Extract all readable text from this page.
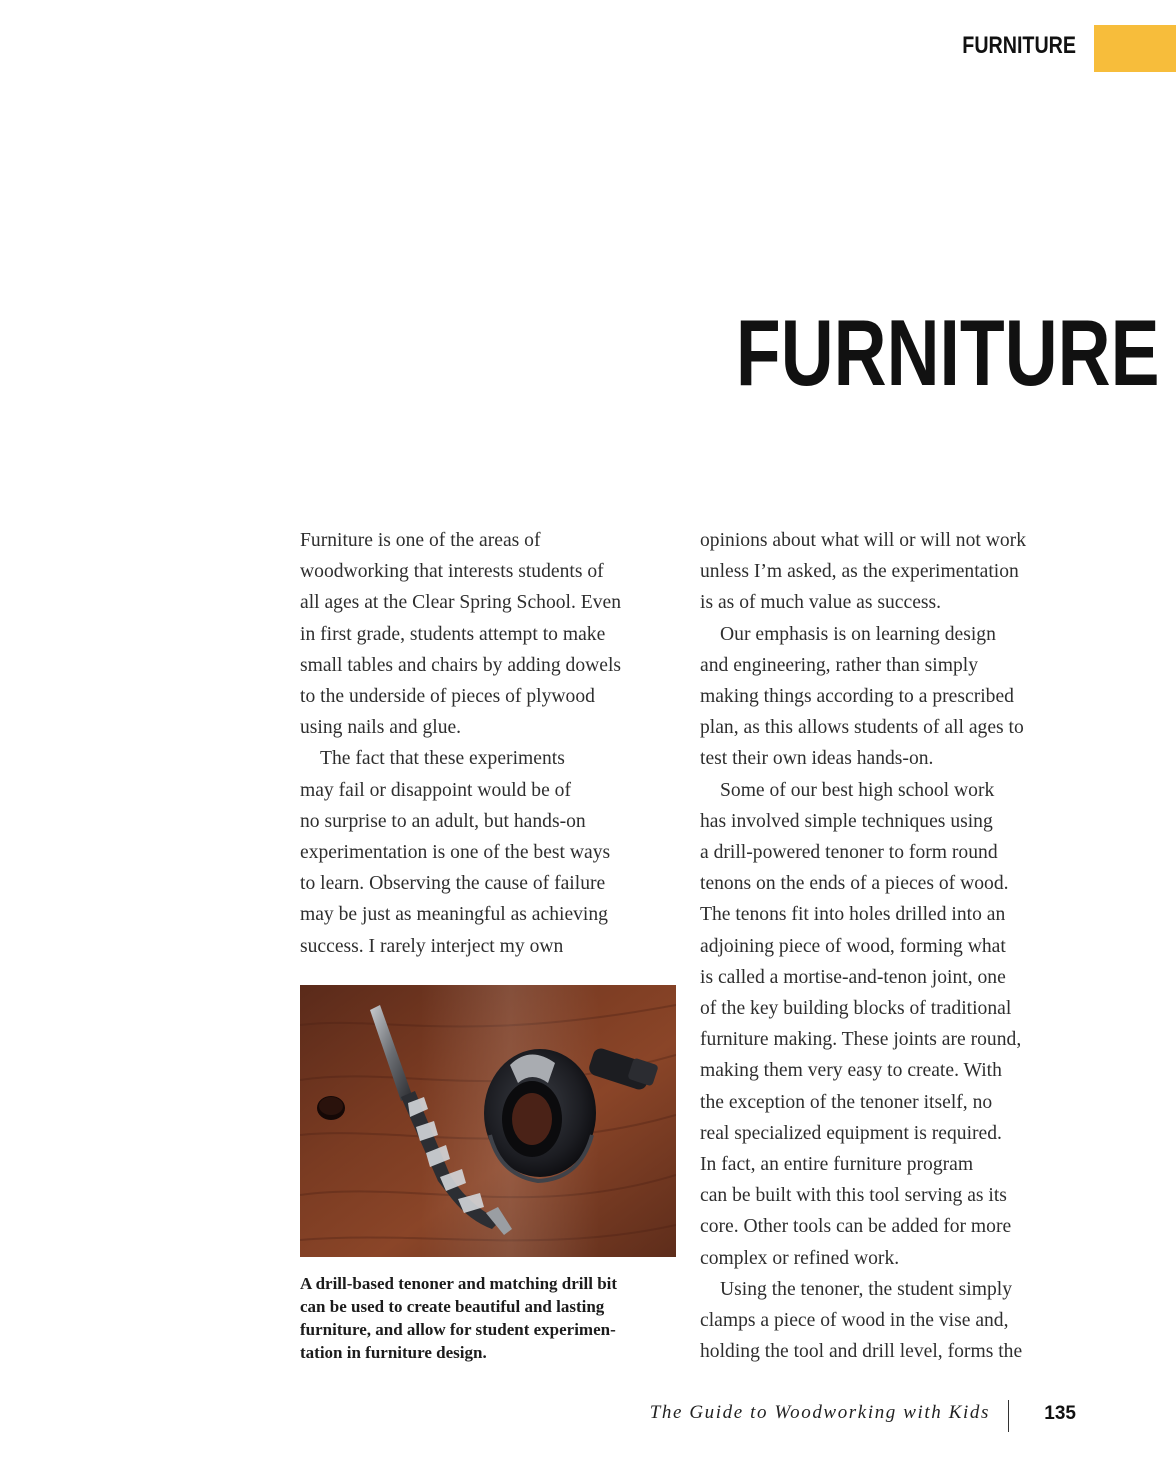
FURNITURE
FURNITURE

Furniture is one of the areas of
woodworking that interests students of
all ages at the Clear Spring School. Even
in first grade, students attempt to make
small tables and chairs by adding dowels
to the underside of pieces of plywood
using nails and glue.

The fact that these experiments
may fail or disappoint would be of
no surprise to an adult, but hands-on
experimentation is one of the best ways
to learn. Observing the cause of failure
may be just as meaningful as achieving
success. I rarely interject my own

opinions about what will or will not work
unless I’m asked, as the experimentation
is as of much value as success.

Our emphasis is on learning design
and engineering, rather than simply
making things according to a prescribed
plan, as this allows students of all ages to
test their own ideas hands-on.

Some of our best high school work
has involved simple techniques using
a drill-powered tenoner to form round
tenons on the ends of a pieces of wood.
The tenons fit into holes drilled into an
adjoining piece of wood, forming what
is called a mortise-and-tenon joint, one
of the key building blocks of traditional
furniture making. These joints are round,
making them very easy to create. With
the exception of the tenoner itself, no
real specialized equipment is required.
In fact, an entire furniture program
can be built with this tool serving as its
core. Other tools can be added for more
complex or refined work.

Using the tenoner, the student simply
clamps a piece of wood in the vise and,
holding the tool and drill level, forms the

A drill-based tenoner and matching drill bit
can be used to create beautiful and lasting
furniture, and allow for student experimen-
tation in furniture design.
The Guide to Woodworking with Kids	135
